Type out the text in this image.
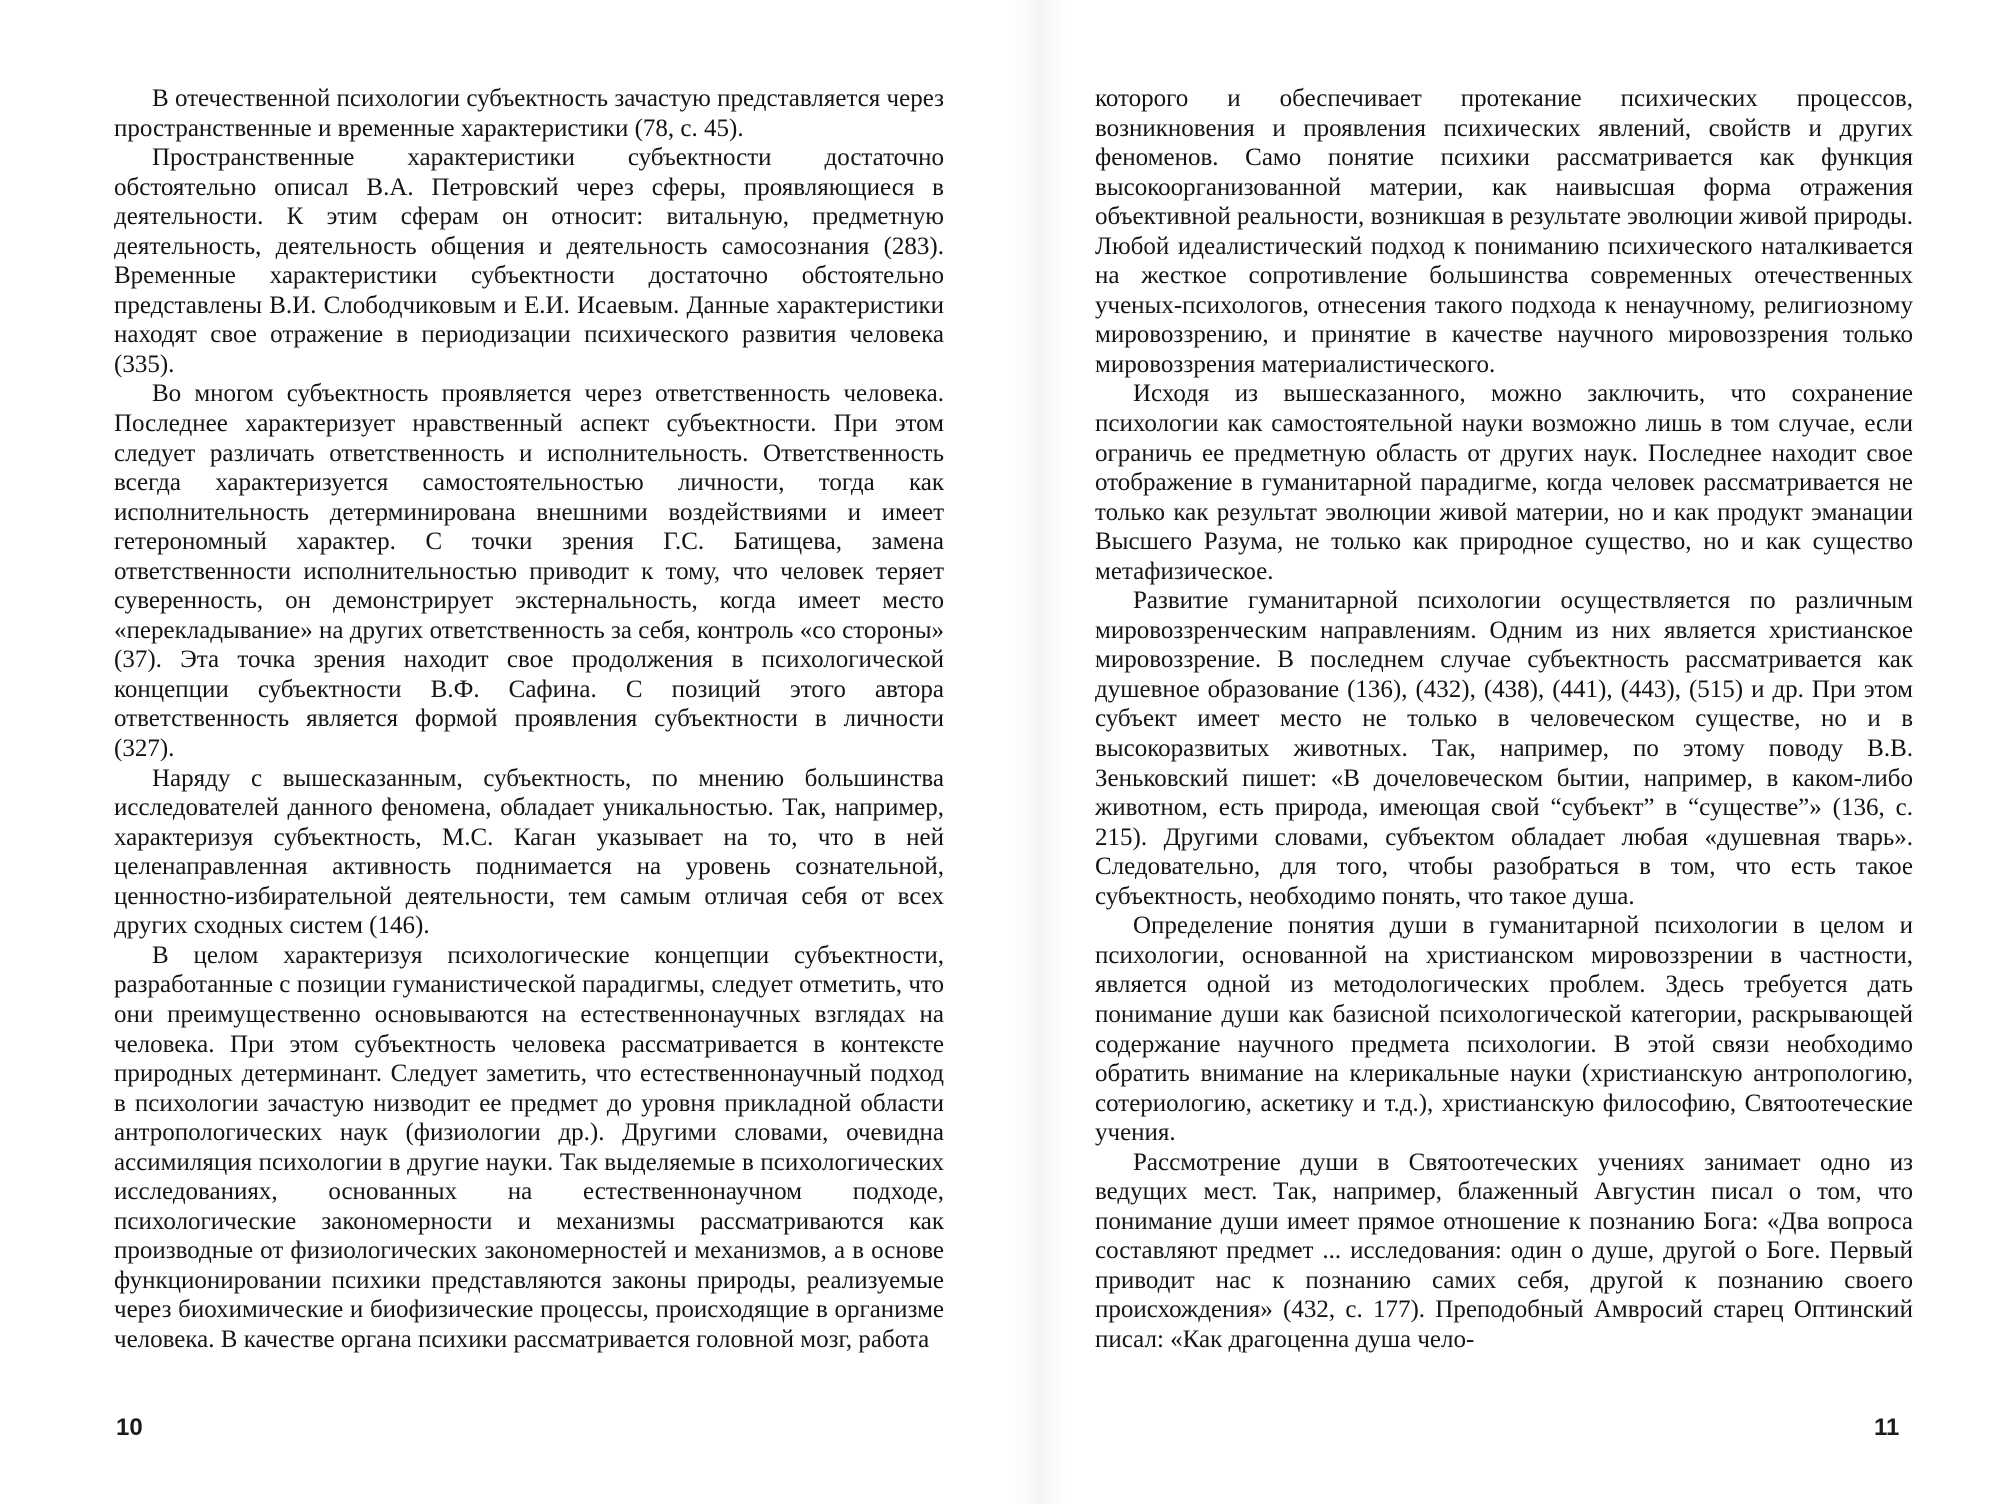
В отечественной психологии субъектность зачастую представляется через пространственные и временные характеристики (78, с. 45).

Пространственные характеристики субъектности достаточно обстоятельно описал В.А. Петровский через сферы, проявляющиеся в деятельности. К этим сферам он относит: витальную, предметную деятельность, деятельность общения и деятельность самосознания (283). Временные характеристики субъектности достаточно обстоятельно представлены В.И. Слободчиковым и Е.И. Исаевым. Данные характеристики находят свое отражение в периодизации психического развития человека (335).

Во многом субъектность проявляется через ответственность человека. Последнее характеризует нравственный аспект субъектности. При этом следует различать ответственность и исполнительность. Ответственность всегда характеризуется самостоятельностью личности, тогда как исполнительность детерминирована внешними воздействиями и имеет гетерономный характер. С точки зрения Г.С. Батищева, замена ответственности исполнительностью приводит к тому, что человек теряет суверенность, он демонстрирует экстернальность, когда имеет место «перекладывание» на других ответственность за себя, контроль «со стороны» (37). Эта точка зрения находит свое продолжения в психологической концепции субъектности В.Ф. Сафина. С позиций этого автора ответственность является формой проявления субъектности в личности (327).

Наряду с вышесказанным, субъектность, по мнению большинства исследователей данного феномена, обладает уникальностью. Так, например, характеризуя субъектность, М.С. Каган указывает на то, что в ней целенаправленная активность поднимается на уровень сознательной, ценностно-избирательной деятельности, тем самым отличая себя от всех других сходных систем (146).

В целом характеризуя психологические концепции субъектности, разработанные с позиции гуманистической парадигмы, следует отметить, что они преимущественно основываются на естественнонаучных взглядах на человека. При этом субъектность человека рассматривается в контексте природных детерминант. Следует заметить, что естественнонаучный подход в психологии зачастую низводит ее предмет до уровня прикладной области антропологических наук (физиологии др.). Другими словами, очевидна ассимиляция психологии в другие науки. Так выделяемые в психологических исследованиях, основанных на естественнонаучном подходе, психологические закономерности и механизмы рассматриваются как производные от физиологических закономерностей и механизмов, а в основе функционировании психики представляются законы природы, реализуемые через биохимические и биофизические процессы, происходящие в организме человека. В качестве органа психики рассматривается головной мозг, работа

10

которого и обеспечивает протекание психических процессов, возникновения и проявления психических явлений, свойств и других феноменов. Само понятие психики рассматривается как функция высокоорганизованной материи, как наивысшая форма отражения объективной реальности, возникшая в результате эволюции живой природы. Любой идеалистический подход к пониманию психического наталкивается на жесткое сопротивление большинства современных отечественных ученых-психологов, отнесения такого подхода к ненаучному, религиозному мировоззрению, и принятие в качестве научного мировоззрения только мировоззрения материалистического.

Исходя из вышесказанного, можно заключить, что сохранение психологии как самостоятельной науки возможно лишь в том случае, если ограничь ее предметную область от других наук. Последнее находит свое отображение в гуманитарной парадигме, когда человек рассматривается не только как результат эволюции живой материи, но и как продукт эманации Высшего Разума, не только как природное существо, но и как существо метафизическое.

Развитие гуманитарной психологии осуществляется по различным мировоззренческим направлениям. Одним из них является христианское мировоззрение. В последнем случае субъектность рассматривается как душевное образование (136), (432), (438), (441), (443), (515) и др. При этом субъект имеет место не только в человеческом существе, но и в высокоразвитых животных. Так, например, по этому поводу В.В. Зеньковский пишет: «В дочеловеческом бытии, например, в каком-либо животном, есть природа, имеющая свой “субъект” в “существе”» (136, с. 215). Другими словами, субъектом обладает любая «душевная тварь». Следовательно, для того, чтобы разобраться в том, что есть такое субъектность, необходимо понять, что такое душа.

Определение понятия души в гуманитарной психологии в целом и психологии, основанной на христианском мировоззрении в частности, является одной из методологических проблем. Здесь требуется дать понимание души как базисной психологической категории, раскрывающей содержание научного предмета психологии. В этой связи необходимо обратить внимание на клерикальные науки (христианскую антропологию, сотериологию, аскетику и т.д.), христианскую философию, Святоотеческие учения.

Рассмотрение души в Святоотеческих учениях занимает одно из ведущих мест. Так, например, блаженный Августин писал о том, что понимание души имеет прямое отношение к познанию Бога: «Два вопроса составляют предмет ... исследования: один о душе, другой о Боге. Первый приводит нас к познанию самих себя, другой к познанию своего происхождения» (432, с. 177). Преподобный Амвросий старец Оптинский писал: «Как драгоценна душа чело-

11
